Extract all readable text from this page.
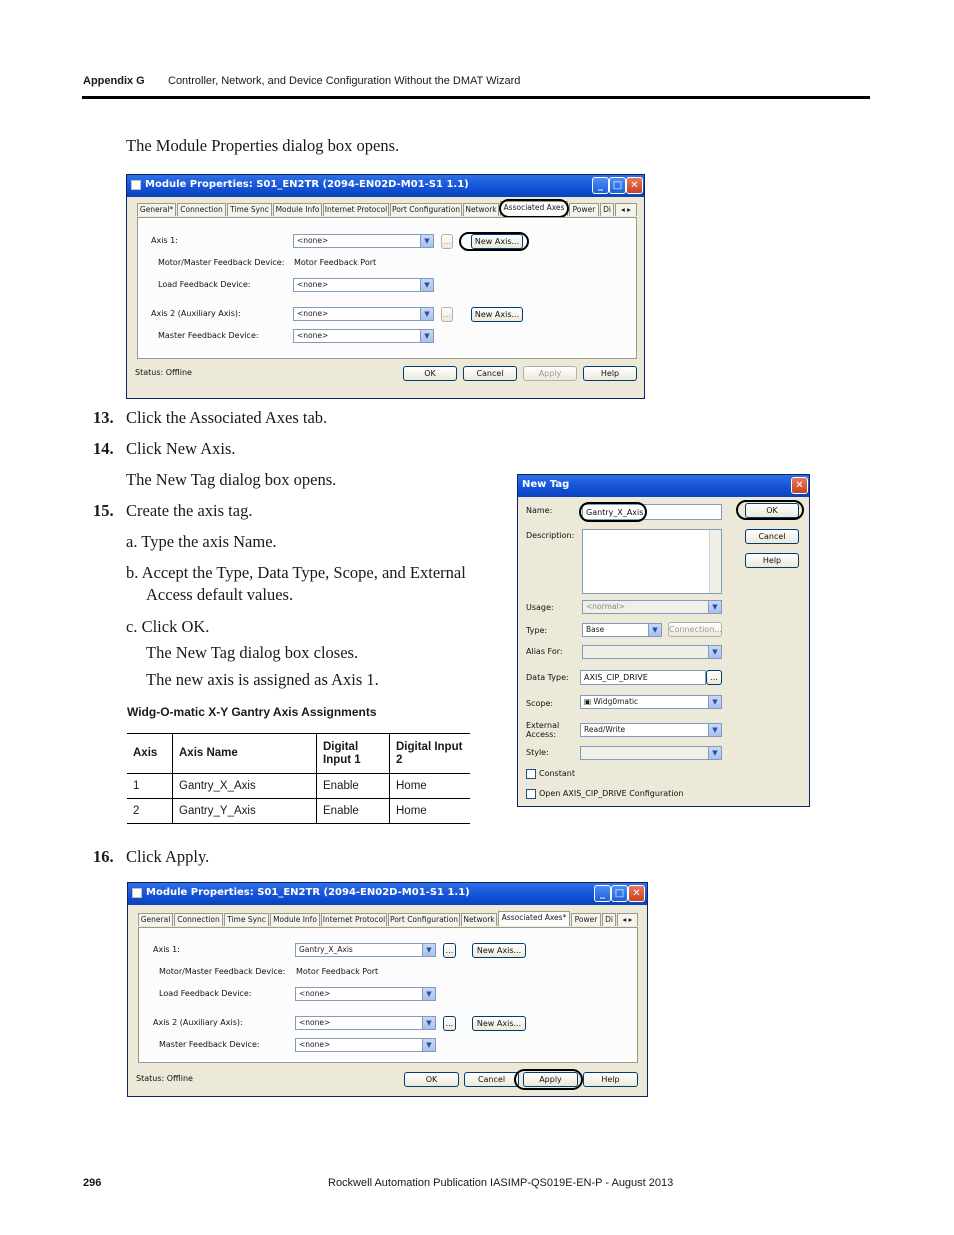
Appendix G Controller, Network, and Device Configuration Without the DMAT Wizard
The Module Properties dialog box opens.
Module Properties: S01_EN2TR (2094-EN02D-M01-S1 1.1)	_ □ ✕
General* Connection Time Sync Module Info Internet Protocol Port Configuration Network Associated Axes	Power	Di	◂ ▸
Axis 1:	<none>	▼	...	New Axis...
Motor/Master Feedback Device: Motor Feedback Port
Load Feedback Device:	<none>	▼
Axis 2 (Auxiliary Axis):	<none>	▼	...	New Axis...
Master Feedback Device:	<none>	▼
Status: Offline	OK	Cancel	Apply	Help
13. Click the Associated Axes tab.
14. Click New Axis.
The New Tag dialog box opens.
15. Create the axis tag.
a. Type the axis Name.
b. Accept the Type, Data Type, Scope, and External
Access default values.
c. Click OK.
The New Tag dialog box closes.
The new axis is assigned as Axis 1.
Widg-O-matic X-Y Gantry Axis Assignments
Axis	Axis Name	Digital Input 1	Digital Input 2
1	Gantry_X_Axis	Enable	Home
2	Gantry_Y_Axis	Enable	Home
New Tag	✕
Name:	Gantry_X_Axis	OK
Cancel
Help
Description:
Usage:	<normal>	▼
Type:	Base	▼	Connection...
Alias For:	▼
Data Type: AXIS_CIP_DRIVE	...
Scope:	▣ Widg0matic	▼
External Access:
Read/Write	▼
Style:	▼
Constant
Open AXIS_CIP_DRIVE Configuration
16. Click Apply.
Module Properties: S01_EN2TR (2094-EN02D-M01-S1 1.1)	_ □ ✕
General Connection Time Sync Module Info Internet Protocol Port Configuration Network Associated Axes*	Power	Di	◂ ▸
Axis 1:	Gantry_X_Axis	▼	...	New Axis...
Motor/Master Feedback Device: Motor Feedback Port
Load Feedback Device:	<none>	▼
Axis 2 (Auxiliary Axis):	<none>	▼	...	New Axis...
Master Feedback Device:	<none>	▼
Status: Offline	OK	Cancel	Apply	Help
296	Rockwell Automation Publication IASIMP-QS019E-EN-P - August 2013
